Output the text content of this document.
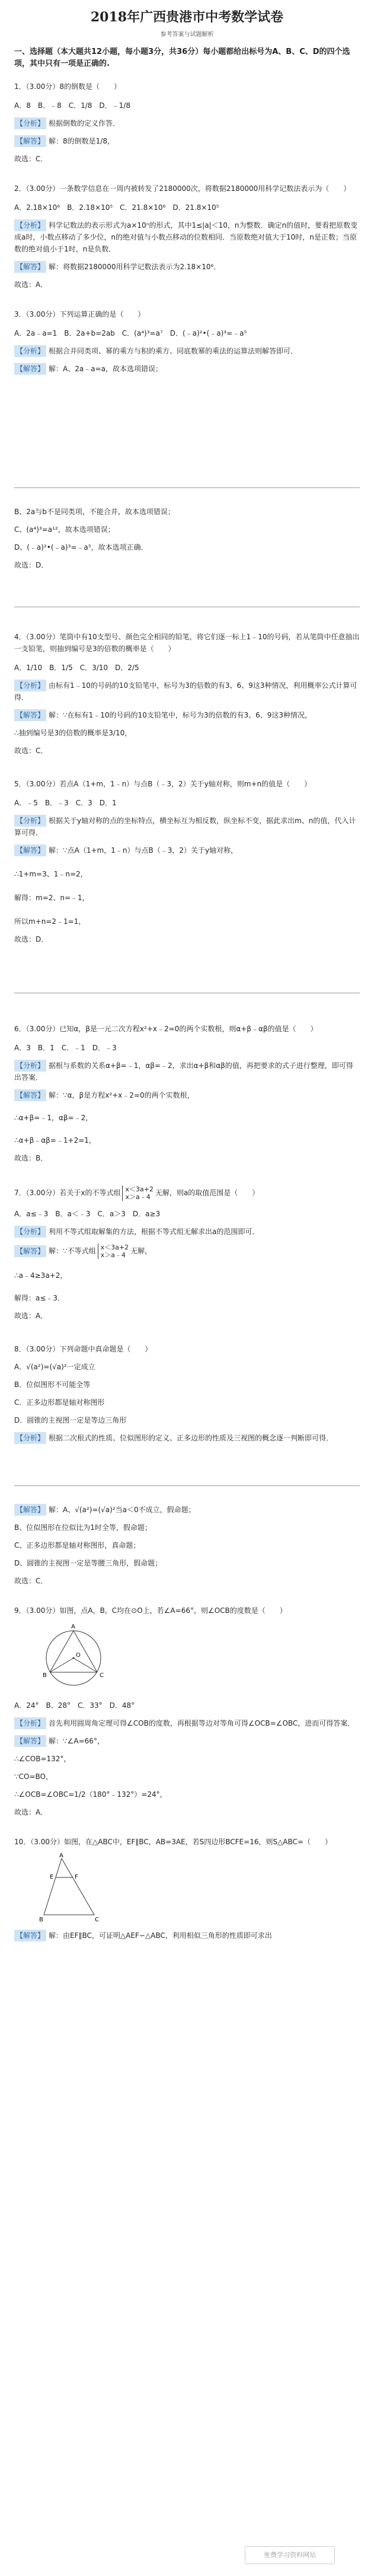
2018年广西贵港市中考数学试卷
参考答案与试题解析
一、选择题（本大题共12小题，每小题3分，共36分）每小题都给出标号为A、B、C、D的四个选项，其中只有一项是正确的.
1．（3.00分）8的倒数是（　　）
A．8　B．﹣8　C．1/8　D．﹣1/8
【分析】 根据倒数的定义作答．
【解答】 解：8的倒数是1/8，
故选：C．
2．（3.00分）一条数学信息在一周内被转发了2180000次，将数据2180000用科学记数法表示为（　　）
A．2.18×10⁶　B．2.18×10⁵　C．21.8×10⁶　D．21.8×10⁵
【分析】 科学记数法的表示形式为a×10ⁿ的形式，其中1≤|a|＜10，n为整数．确定n的值时，要看把原数变成a时，小数点移动了多少位，n的绝对值与小数点移动的位数相同．当原数绝对值大于10时，n是正数；当原数的绝对值小于1时，n是负数．
【解答】 解：将数据2180000用科学记数法表示为2.18×10⁶．
故选：A．
3．（3.00分）下列运算正确的是（　　）
A．2a﹣a=1　B．2a+b=2ab　C．(a⁴)³=a⁷　D．(﹣a)²•(﹣a)³=﹣a⁵
【分析】 根据合并同类项、幂的乘方与积的乘方、同底数幂的乘法的运算法则解答即可．
【解答】 解：A、2a﹣a=a，故本选项错误；
B、2a与b不是同类项，不能合并，故本选项错误；
C、(a⁴)³=a¹²，故本选项错误；
D、(﹣a)²•(﹣a)³=﹣a⁵，故本选项正确．
故选：D．
4．（3.00分）笔筒中有10支型号、颜色完全相同的铅笔，将它们逐一标上1﹣10的号码，若从笔筒中任意抽出一支铅笔，则抽到编号是3的倍数的概率是（　　）
A．1/10　B．1/5　C．3/10　D．2/5
【分析】 由标有1﹣10的号码的10支铅笔中，标号为3的倍数的有3、6、9这3种情况，利用概率公式计算可得．
【解答】 解：∵在标有1﹣10的号码的10支铅笔中，标号为3的倍数的有3、6、9这3种情况，
∴抽到编号是3的倍数的概率是3/10，
故选：C．
5．（3.00分）若点A（1+m，1﹣n）与点B（﹣3，2）关于y轴对称，则m+n的值是（　　）
A．﹣5　B．﹣3　C．3　D．1
【分析】 根据关于y轴对称的点的坐标特点，横坐标互为相反数，纵坐标不变，据此求出m、n的值，代入计算可得．
【解答】 解：∵点A（1+m，1﹣n）与点B（﹣3，2）关于y轴对称，
∴1+m=3、1﹣n=2，
解得：m=2、n=﹣1，
所以m+n=2﹣1=1，
故选：D．
6．（3.00分）已知α，β是一元二次方程x²+x﹣2=0的两个实数根，则α+β﹣αβ的值是（　　）
A．3　B．1　C．﹣1　D．﹣3
【分析】 据根与系数的关系α+β=﹣1，αβ=﹣2，求出α+β和αβ的值，再把要求的式子进行整理，即可得出答案．
【解答】 解：∵α，β是方程x²+x﹣2=0的两个实数根，
∴α+β=﹣1，αβ=﹣2，
∴α+β﹣αβ=﹣1+2=1，
故选：B．
7．（3.00分）若关于x的不等式组 x＜3a+2
x＞a﹣4 无解，则a的取值范围是（　　）
A．a≤﹣3　B．a＜﹣3　C．a＞3　D．a≥3
【分析】 利用不等式组取解集的方法，根据不等式组无解求出a的范围即可．
【解答】 解：∵不等式组 x＜3a+2
x＞a﹣4 无解，
∴a﹣4≥3a+2，
解得：a≤﹣3．
故选：A．
8．（3.00分）下列命题中真命题是（　　）
A．√(a²)=(√a)²一定成立
B．位似图形不可能全等
C．正多边形都是轴对称图形
D．圆锥的主视图一定是等边三角形
【分析】 根据二次根式的性质、位似图形的定义、正多边形的性质及三视图的概念逐一判断即可得．
【解答】 解：A、√(a²)=(√a)²当a＜0不成立，假命题；
B、位似图形在位似比为1时全等，假命题；
C、正多边形都是轴对称图形，真命题；
D、圆锥的主视图一定是等腰三角形，假命题；
故选：C．
9．（3.00分）如图，点A，B，C均在⊙O上，若∠A=66°，则∠OCB的度数是（　　）
A
B	C
O
A．24°　B．28°　C．33°　D．48°
【分析】 首先利用圆周角定理可得∠COB的度数，再根据等边对等角可得∠OCB=∠OBC，进而可得答案．
【解答】 解：∵∠A=66°，
∴∠COB=132°，
∵CO=BO，
∴∠OCB=∠OBC=1/2（180°﹣132°）=24°，
故选：A．
10．（3.00分）如图，在△ABC中，EF∥BC，AB=3AE，若S四边形BCFE=16，则S△ABC=（　　）
A
B	C
E	F
【解答】 解：由EF∥BC，可证明△AEF∽△ABC，利用相似三角形的性质即可求出
免费学习资料网站
